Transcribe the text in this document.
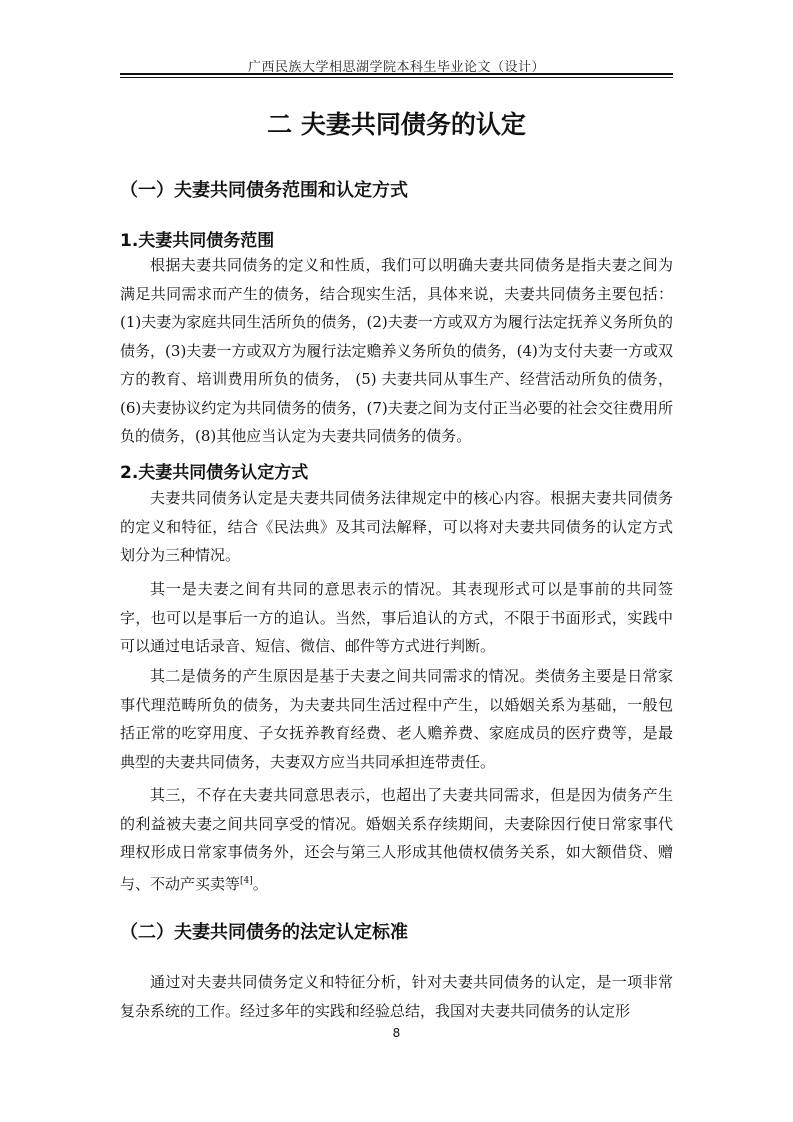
广西民族大学相思湖学院本科生毕业论文（设计）
二 夫妻共同债务的认定
（一）夫妻共同债务范围和认定方式
1.夫妻共同债务范围

根据夫妻共同债务的定义和性质，我们可以明确夫妻共同债务是指夫妻之间为满足共同需求而产生的债务，结合现实生活，具体来说，夫妻共同债务主要包括：(1)夫妻为家庭共同生活所负的债务，(2)夫妻一方或双方为履行法定抚养义务所负的债务，(3)夫妻一方或双方为履行法定赡养义务所负的债务，(4)为支付夫妻一方或双方的教育、培训费用所负的债务， (5) 夫妻共同从事生产、经营活动所负的债务，(6)夫妻协议约定为共同债务的债务，(7)夫妻之间为支付正当必要的社会交往费用所负的债务，(8)其他应当认定为夫妻共同债务的债务。

2.夫妻共同债务认定方式

夫妻共同债务认定是夫妻共同债务法律规定中的核心内容。根据夫妻共同债务的定义和特征，结合《民法典》及其司法解释，可以将对夫妻共同债务的认定方式划分为三种情况。

其一是夫妻之间有共同的意思表示的情况。其表现形式可以是事前的共同签字，也可以是事后一方的追认。当然，事后追认的方式，不限于书面形式，实践中可以通过电话录音、短信、微信、邮件等方式进行判断。

其二是债务的产生原因是基于夫妻之间共同需求的情况。类债务主要是日常家事代理范畴所负的债务，为夫妻共同生活过程中产生，以婚姻关系为基础，一般包括正常的吃穿用度、子女抚养教育经费、老人赡养费、家庭成员的医疗费等，是最典型的夫妻共同债务，夫妻双方应当共同承担连带责任。

其三，不存在夫妻共同意思表示，也超出了夫妻共同需求，但是因为债务产生的利益被夫妻之间共同享受的情况。婚姻关系存续期间，夫妻除因行使日常家事代理权形成日常家事债务外，还会与第三人形成其他债权债务关系，如大额借贷、赠与、不动产买卖等[4]。

（二）夫妻共同债务的法定认定标准

通过对夫妻共同债务定义和特征分析，针对夫妻共同债务的认定，是一项非常复杂系统的工作。经过多年的实践和经验总结，我国对夫妻共同债务的认定形

8
